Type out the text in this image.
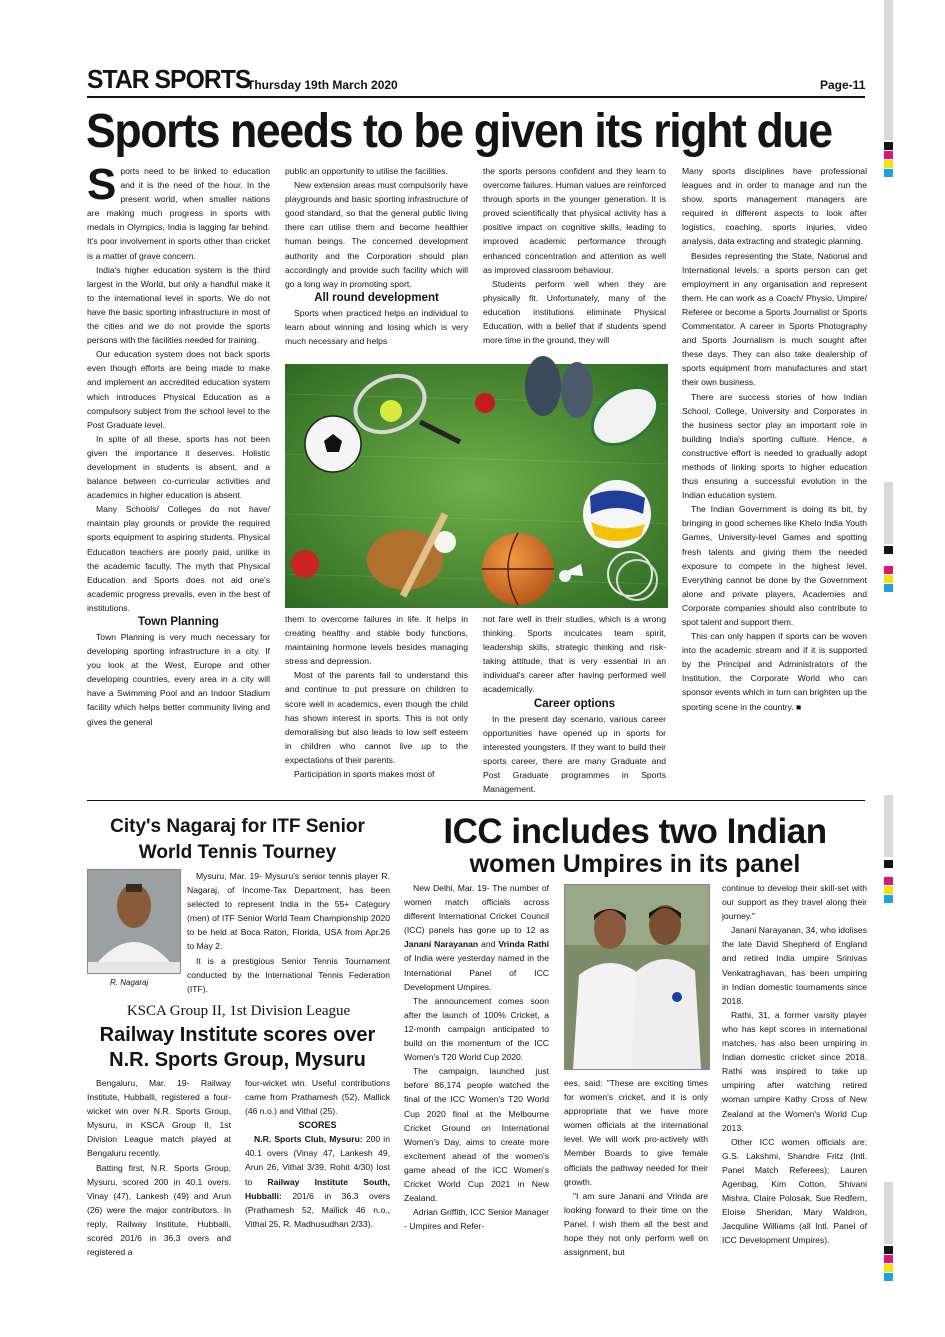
STAR SPORTS
Thursday 19th March 2020	Page-11
Sports needs to be given its right due

Sports need to be linked to education and it is the need of the hour. In the present world, when smaller nations are making much progress in sports with medals in Olympics, India is lagging far behind. It's poor involvement in sports other than cricket is a matter of grave concern.

India's higher education system is the third largest in the World, but only a handful make it to the international level in sports. We do not have the basic sporting infrastructure in most of the cities and we do not provide the sports persons with the facilities needed for training.

Our education system does not back sports even though efforts are being made to make and implement an accredited education system which introduces Physical Education as a compulsory subject from the school level to the Post Graduate level.

In spite of all these, sports has not been given the importance it deserves. Holistic development in students is absent, and a balance between co-curricular activities and academics in higher education is absent.

Many Schools/ Colleges do not have/ maintain play grounds or provide the required sports equipment to aspiring students. Physical Education teachers are poorly paid, unlike in the academic faculty. The myth that Physical Education and Sports does not aid one's academic progress prevails, even in the best of institutions.

Town Planning

Town Planning is very much necessary for developing sporting infrastructure in a city. If you look at the West, Europe and other developing countries, every area in a city will have a Swimming Pool and an Indoor Stadium facility which helps better community living and gives the general

public an opportunity to utilise the facilities.

New extension areas must compulsorily have playgrounds and basic sporting infrastructure of good standard, so that the general public living there can utilise them and become healthier human beings. The concerned development authority and the Corporation should plan accordingly and provide such facility which will go a long way in promoting sport.

All round development

Sports when practiced helps an individual to learn about winning and losing which is very much necessary and helps

the sports persons confident and they learn to overcome failures. Human values are reinforced through sports in the younger generation. It is proved scientifically that physical activity has a positive impact on cognitive skills, leading to improved academic performance through enhanced concentration and attention as well as improved classroom behaviour.

Students perform well when they are physically fit. Unfortunately, many of the education institutions eliminate Physical Education, with a belief that if students spend more time in the ground, they will

them to overcome failures in life. It helps in creating healthy and stable body functions, maintaining hormone levels besides managing stress and depression.

Most of the parents fail to understand this and continue to put pressure on children to score well in academics, even though the child has shown interest in sports. This is not only demoralising but also leads to low self esteem in children who cannot live up to the expectations of their parents.

Participation in sports makes most of

not fare well in their studies, which is a wrong thinking. Sports inculcates team spirit, leadership skills, strategic thinking and risk-taking attitude, that is very essential in an individual's career after having performed well academically.

Career options

In the present day scenario, various career opportunities have opened up in sports for interested youngsters. If they want to build their sports career, there are many Graduate and Post Graduate programmes in Sports Management.

Many sports disciplines have professional leagues and in order to manage and run the show, sports management managers are required in different aspects to look after logistics, coaching, sports injuries, video analysis, data extracting and strategic planning.

Besides representing the State, National and International levels, a sports person can get employment in any organisation and represent them. He can work as a Coach/ Physio, Umpire/ Referee or become a Sports Journalist or Sports Commentator. A career in Sports Photography and Sports Journalism is much sought after these days. They can also take dealership of sports equipment from manufactures and start their own business.

There are success stories of how Indian School, College, University and Corporates in the business sector play an important role in building India's sporting culture. Hence, a constructive effort is needed to gradually adopt methods of linking sports to higher education thus ensuring a successful evolution in the Indian education system.

The Indian Government is doing its bit, by bringing in good schemes like Khelo India Youth Games, University-level Games and spotting fresh talents and giving them the needed exposure to compete in the highest level. Everything cannot be done by the Government alone and private players, Academies and Corporate companies should also contribute to spot talent and support them.

This can only happen if sports can be woven into the academic stream and if it is supported by the Principal and Administrators of the Institution, the Corporate World who can sponsor events which in turn can brighten up the sporting scene in the country. ■

City's Nagaraj for ITF Senior
World Tennis Tourney
R. Nagaraj

Mysuru, Mar. 19- Mysuru's senior tennis player R. Nagaraj, of Income-Tax Department, has been selected to represent India in the 55+ Category (men) of ITF Senior World Team Championship 2020 to be held at Boca Raton, Florida, USA from Apr.26 to May 2.

It is a prestigious Senior Tennis Tournament conducted by the International Tennis Federation (ITF).

KSCA Group II, 1st Division League
Railway Institute scores over
N.R. Sports Group, Mysuru

Bengaluru, Mar. 19- Railway Institute, Hubballi, registered a four-wicket win over N.R. Sports Group, Mysuru, in KSCA Group II, 1st Division League match played at Bengaluru recently.

Batting first, N.R. Sports Group, Mysuru, scored 200 in 40.1 overs. Vinay (47), Lankesh (49) and Arun (26) were the major contributors. In reply, Railway Institute, Hubballi, scored 201/6 in 36.3 overs and registered a

four-wicket win. Useful contributions came from Prathamesh (52), Mallick (46 n.o.) and Vithal (25).

SCORES

N.R. Sports Club, Mysuru: 200 in 40.1 overs (Vinay 47, Lankesh 49, Arun 26, Vithal 3/39, Rohit 4/30) lost to Railway Institute South, Hubballi: 201/6 in 36.3 overs (Prathamesh 52, Mallick 46 n.o., Vithal 25, R. Madhusudhan 2/33).

ICC includes two Indian
women Umpires in its panel

New Delhi, Mar. 19- The number of women match officials across different International Cricket Council (ICC) panels has gone up to 12 as Janani Narayanan and Vrinda Rathi of India were yesterday named in the International Panel of ICC Development Umpires.

The announcement comes soon after the launch of 100% Cricket, a 12-month campaign anticipated to build on the momentum of the ICC Women's T20 World Cup 2020.

The campaign, launched just before 86,174 people watched the final of the ICC Women's T20 World Cup 2020 final at the Melbourne Cricket Ground on International Women's Day, aims to create more excitement ahead of the women's game ahead of the ICC Women's Cricket World Cup 2021 in New Zealand.

Adrian Griffith, ICC Senior Manager - Umpires and Refer-

ees, said: "These are exciting times for women's cricket, and it is only appropriate that we have more women officials at the international level. We will work pro-actively with Member Boards to give female officials the pathway needed for their growth.

"I am sure Janani and Vrinda are looking forward to their time on the Panel. I wish them all the best and hope they not only perform well on assignment, but

continue to develop their skill-set with our support as they travel along their journey."

Janani Narayanan, 34, who idolises the late David Shepherd of England and retired India umpire Srinivas Venkatraghavan, has been umpiring in Indian domestic tournaments since 2018.

Rathi, 31, a former varsity player who has kept scores in international matches, has also been umpiring in Indian domestic cricket since 2018. Rathi was inspired to take up umpiring after watching retired woman umpire Kathy Cross of New Zealand at the Women's World Cup 2013.

Other ICC women officials are: G.S. Lakshmi, Shandre Fritz (Intl. Panel Match Referees); Lauren Agenbag, Kim Cotton, Shivani Mishra, Claire Polosak, Sue Redfern, Eloise Sheridan, Mary Waldron, Jacquline Williams (all Intl. Panel of ICC Development Umpires).
